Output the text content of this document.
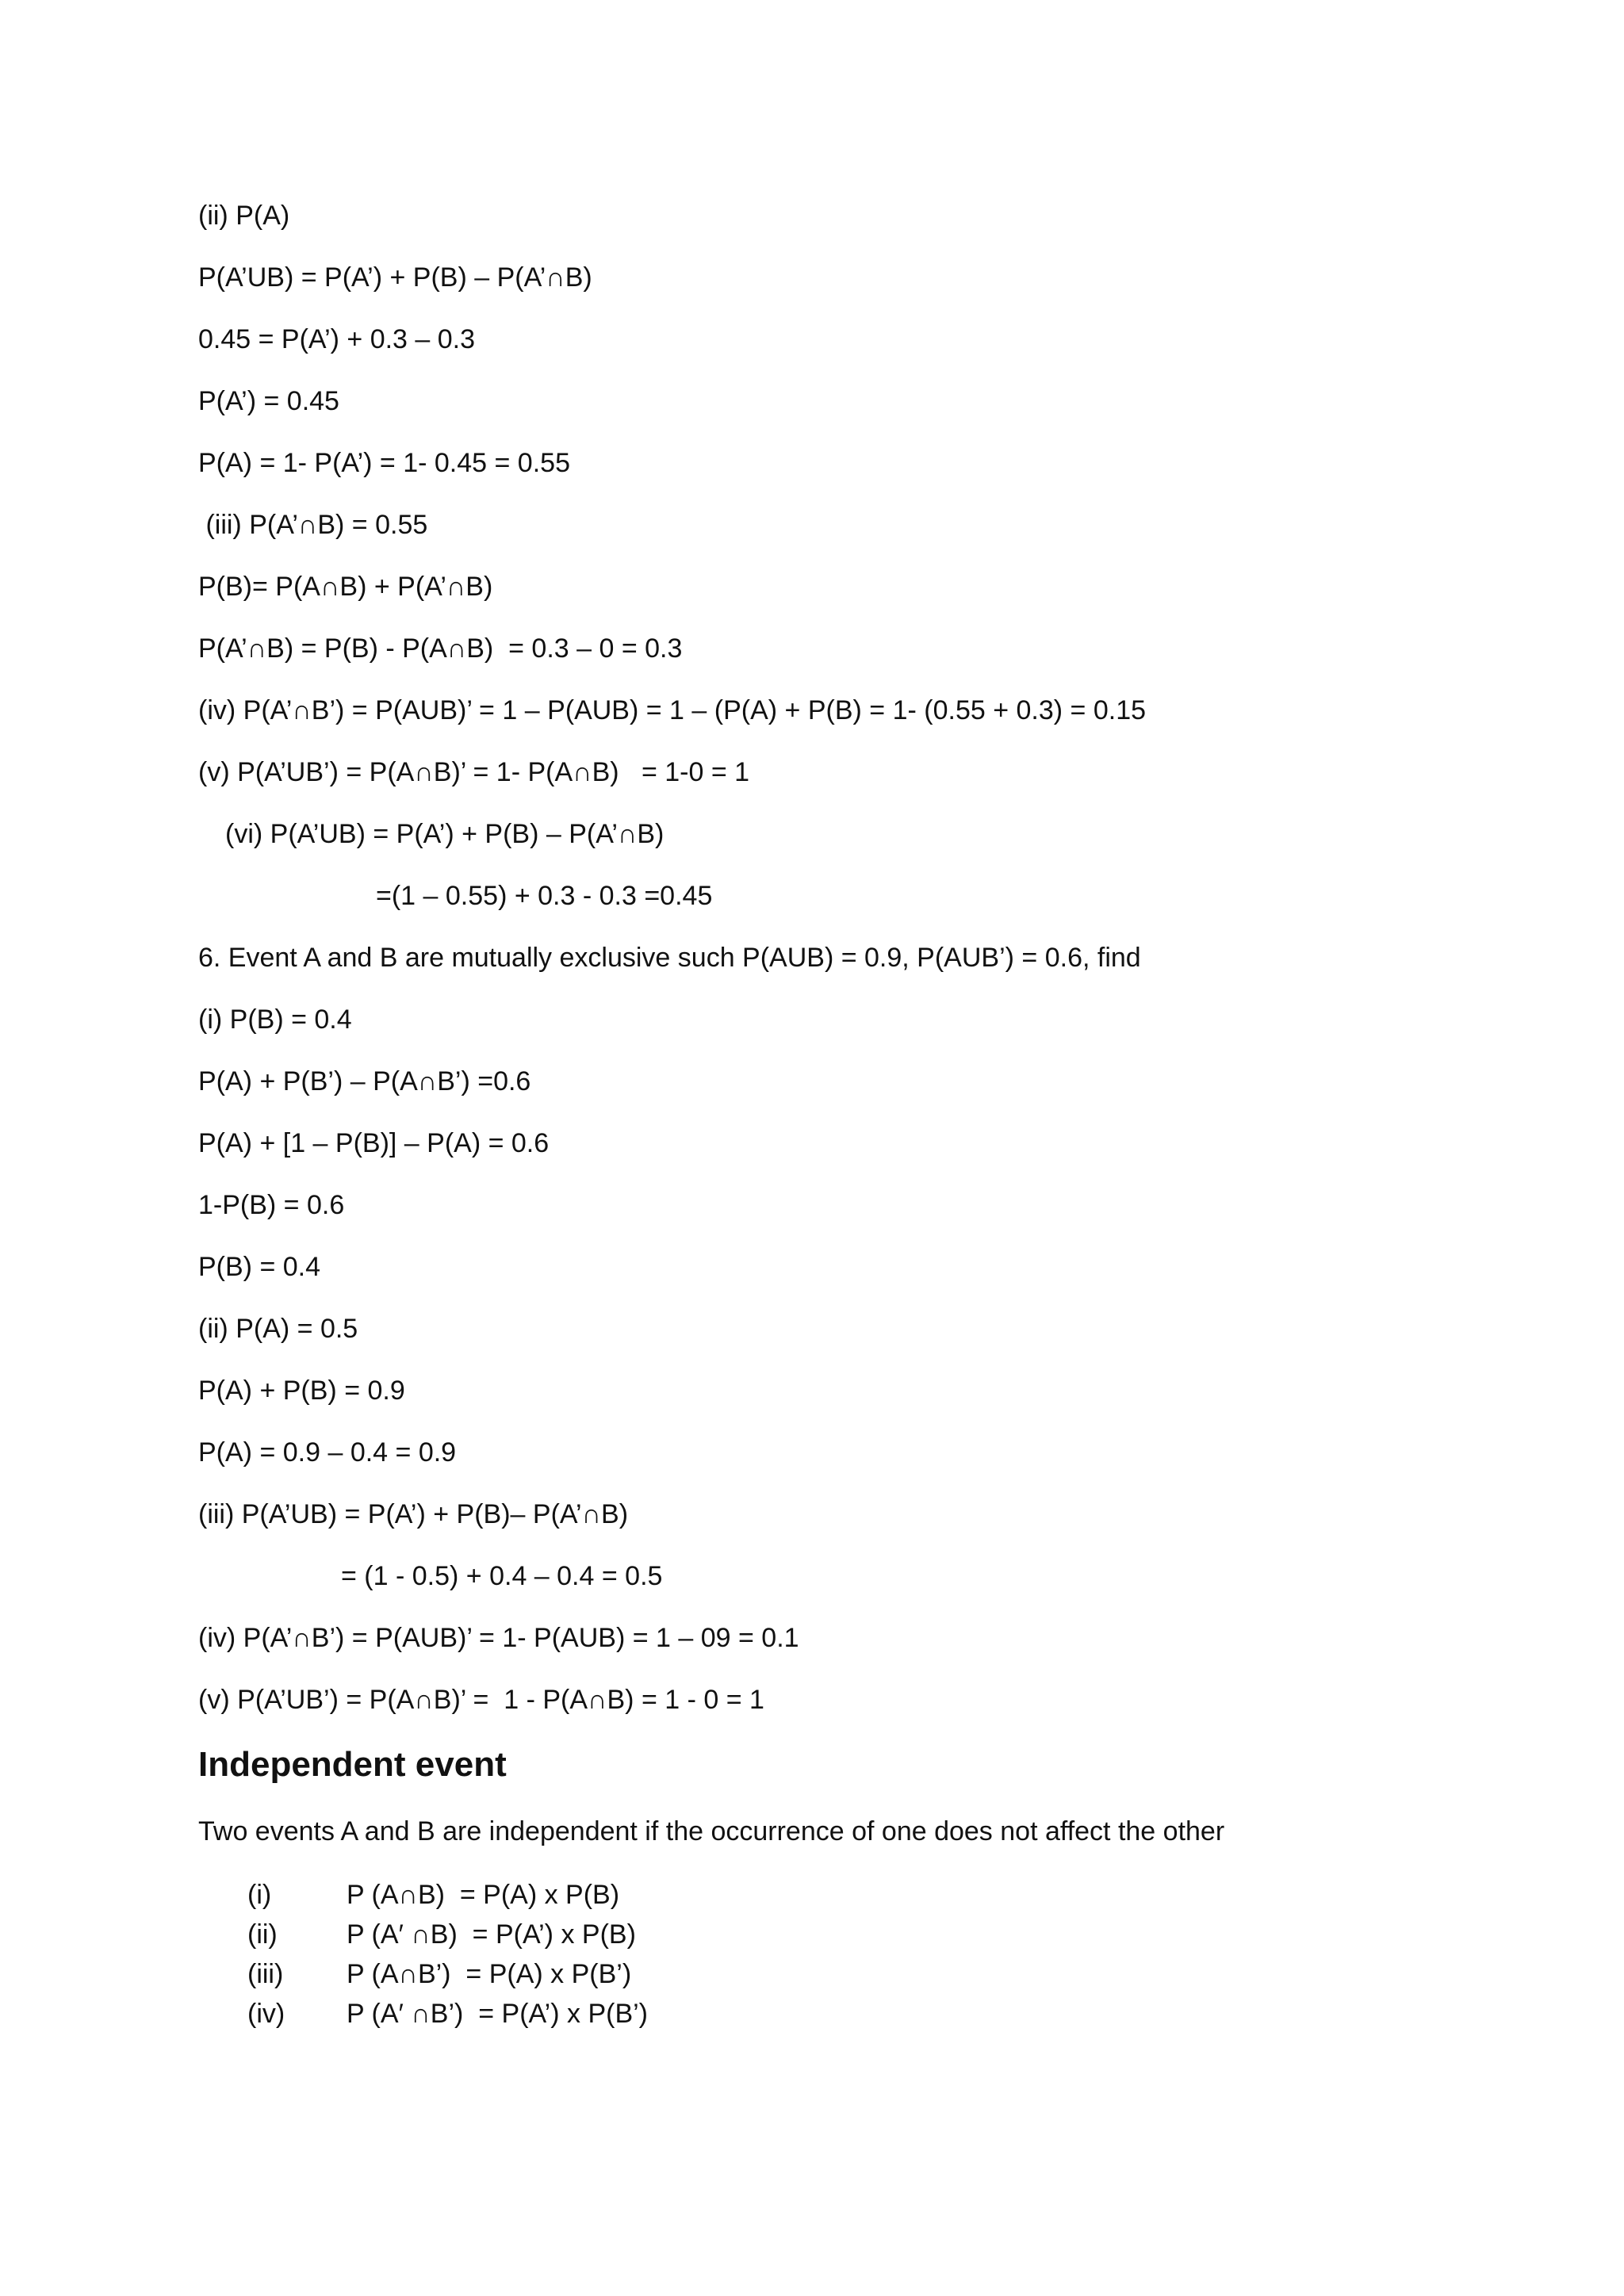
(ii) P(A)
P(A’UB) = P(A’) + P(B) – P(A’∩B)
0.45 = P(A’) + 0.3 – 0.3
P(A’) = 0.45
P(A) = 1- P(A’) = 1- 0.45 = 0.55
(iii) P(A’∩B) = 0.55
P(B)= P(A∩B) + P(A’∩B)
P(A’∩B) = P(B) - P(A∩B)  = 0.3 – 0 = 0.3
(iv) P(A’∩B’) = P(AUB)’ = 1 – P(AUB) = 1 – (P(A) + P(B) = 1- (0.55 + 0.3) = 0.15
(v) P(A’UB’) = P(A∩B)’ = 1- P(A∩B)   = 1-0 = 1
(vi) P(A’UB) = P(A’) + P(B) – P(A’∩B)
=(1 – 0.55) + 0.3 - 0.3 =0.45
6. Event A and B are mutually exclusive such P(AUB) = 0.9, P(AUB’) = 0.6, find
(i) P(B) = 0.4
P(A) + P(B’) – P(A∩B’) =0.6
P(A) + [1 – P(B)] – P(A) = 0.6
1-P(B) = 0.6
P(B) = 0.4
(ii) P(A) = 0.5
P(A) + P(B) = 0.9
P(A) = 0.9 – 0.4 = 0.9
(iii) P(A’UB) = P(A’) + P(B)– P(A’∩B)
= (1 - 0.5) + 0.4 – 0.4 = 0.5
(iv) P(A’∩B’) = P(AUB)’ = 1- P(AUB) = 1 – 09 = 0.1
(v) P(A’UB’) = P(A∩B)’ =  1 - P(A∩B) = 1 - 0 = 1
Independent event
Two events A and B are independent if the occurrence of one does not affect the other

(i)

	P (A∩B)  = P(A) x P(B)

(ii)

	P (A′ ∩B)  = P(A’) x P(B)

(iii)

P (A∩B’)  = P(A) x P(B’)

(iv)

P (A′ ∩B’)  = P(A’) x P(B’)
